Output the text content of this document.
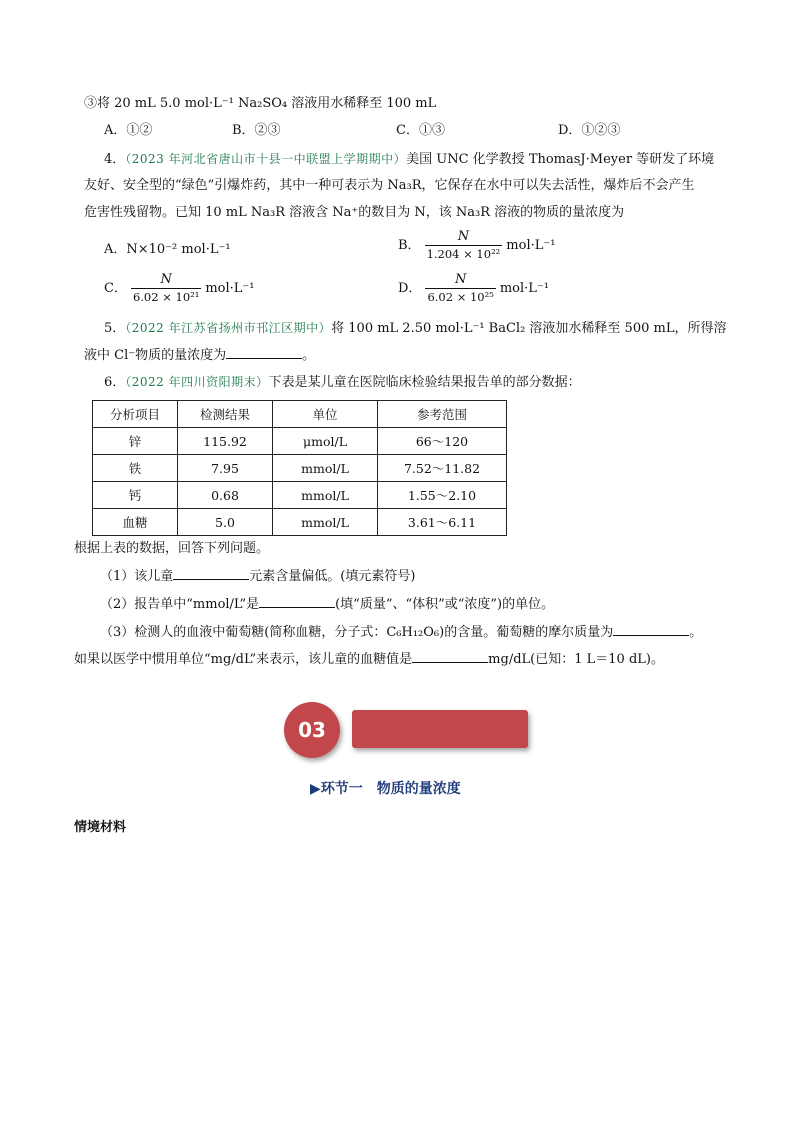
③将 20 mL 5.0 mol·L⁻¹ Na₂SO₄ 溶液用水稀释至 100 mL
A．①②	B．②③	C．①③	D．①②③
4．（2023 年河北省唐山市十县一中联盟上学期期中）美国 UNC 化学教授 ThomasJ·Meyer 等研发了环境
友好、安全型的“绿色”引爆炸药，其中一种可表示为 Na₃R，它保存在水中可以失去活性，爆炸后不会产生
危害性残留物。已知 10 mL Na₃R 溶液含 Na⁺的数目为 N，该 Na₃R 溶液的物质的量浓度为
A．N×10⁻² mol·L⁻¹	B． $\frac{N}{\text{1.204 × 10²²}} mol\cdot L^{-1}$
C． $\frac{N}{\text{6.02 × 10²¹}} mol\cdot L^{-1}$	D． $\frac{N}{\text{6.02 × 10²⁵}} mol\cdot L^{-1}$
5．（2022 年江苏省扬州市邗江区期中）将 100 mL 2.50 mol·L⁻¹ BaCl₂ 溶液加水稀释至 500 mL，所得溶
液中 Cl⁻物质的量浓度为	。
6．（2022 年四川资阳期末）下表是某儿童在医院临床检验结果报告单的部分数据：
分析项目	检测结果	单位	参考范围
锌	115.92	μmol/L	66～120
铁	7.95	mmol/L	7.52～11.82
钙	0.68	mmol/L	1.55～2.10
血糖	5.0	mmol/L	3.61～6.11
根据上表的数据，回答下列问题。
（1）该儿童	元素含量偏低。(填元素符号)
（2）报告单中“mmol/L”是	(填“质量”、“体积”或“浓度”)的单位。
（3）检测人的血液中葡萄糖(简称血糖，分子式：C₆H₁₂O₆)的含量。葡萄糖的摩尔质量为	。
如果以医学中惯用单位“mg/dL”来表示，该儿童的血糖值是	mg/dL(已知：1 L＝10 dL)。
03
▶环节一　物质的量浓度
情境材料
